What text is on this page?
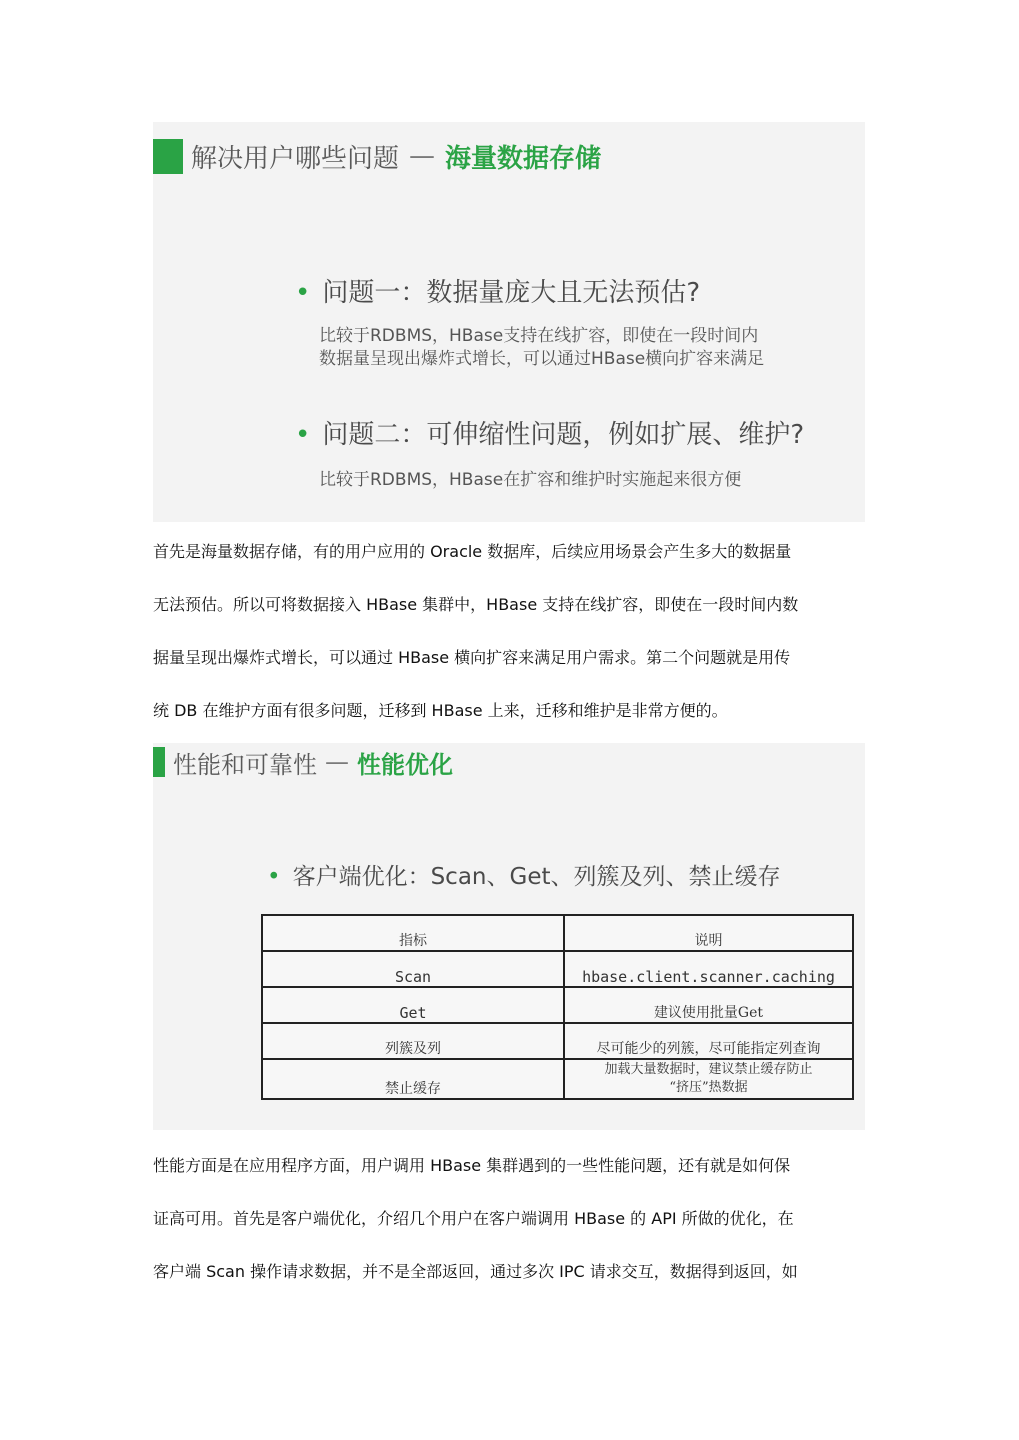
解决用户哪些问题 — 海量数据存储
• 问题一：数据量庞大且无法预估?
比较于RDBMS，HBase支持在线扩容，即使在一段时间内
数据量呈现出爆炸式增长，可以通过HBase横向扩容来满足
• 问题二：可伸缩性问题，例如扩展、维护?
比较于RDBMS，HBase在扩容和维护时实施起来很方便
首先是海量数据存储，有的用户应用的 Oracle 数据库，后续应用场景会产生多大的数据量
无法预估。所以可将数据接入 HBase 集群中，HBase 支持在线扩容，即使在一段时间内数
据量呈现出爆炸式增长，可以通过 HBase 横向扩容来满足用户需求。第二个问题就是用传
统 DB 在维护方面有很多问题，迁移到 HBase 上来，迁移和维护是非常方便的。
性能和可靠性 — 性能优化
• 客户端优化：Scan、Get、列簇及列、禁止缓存
指标	说明
Scan	hbase.client.scanner.caching
Get	建议使用批量Get
列簇及列	尽可能少的列簇，尽可能指定列查询
禁止缓存	加载大量数据时，建议禁止缓存防止
“挤压”热数据
性能方面是在应用程序方面，用户调用 HBase 集群遇到的一些性能问题，还有就是如何保
证高可用。首先是客户端优化，介绍几个用户在客户端调用 HBase 的 API 所做的优化，在
客户端 Scan 操作请求数据，并不是全部返回，通过多次 IPC 请求交互，数据得到返回，如
